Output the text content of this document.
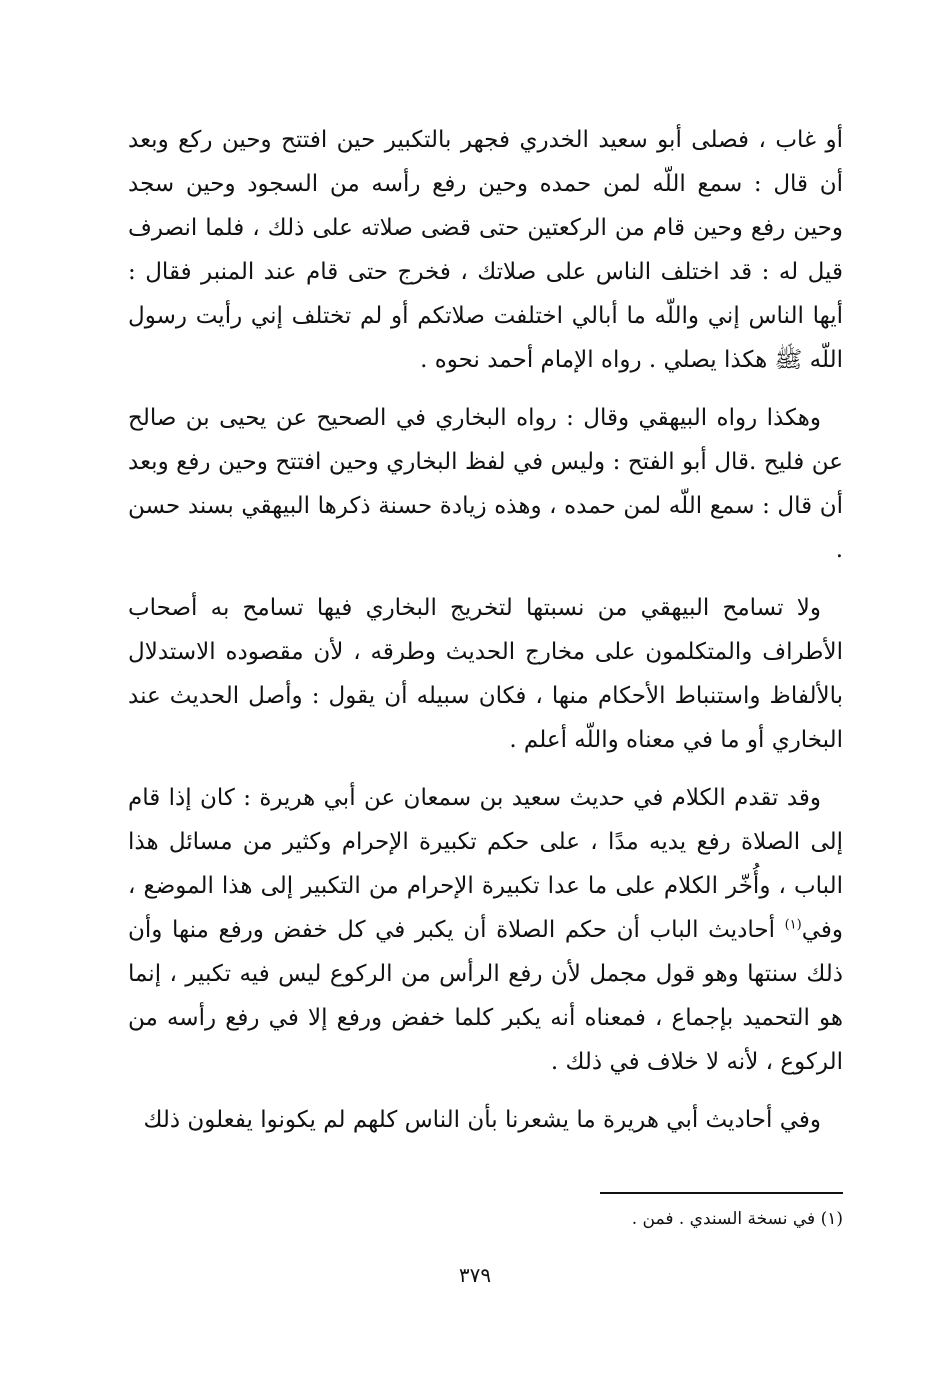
أو غاب ، فصلى أبو سعيد الخدري فجهر بالتكبير حين افتتح وحين ركع وبعد أن قال : سمع اللّه لمن حمده وحين رفع رأسه من السجود وحين سجد وحين رفع وحين قام من الركعتين حتى قضى صلاته على ذلك ، فلما انصرف قيل له : قد اختلف الناس على صلاتك ، فخرج حتى قام عند المنبر فقال : أيها الناس إني واللّه ما أبالي اختلفت صلاتكم أو لم تختلف إني رأيت رسول اللّه ﷺ هكذا يصلي . رواه الإمام أحمد نحوه .

وهكذا رواه البيهقي وقال : رواه البخاري في الصحيح عن يحيى بن صالح عن فليح .قال أبو الفتح : وليس في لفظ البخاري وحين افتتح وحين رفع وبعد أن قال : سمع اللّه لمن حمده ، وهذه زيادة حسنة ذكرها البيهقي بسند حسن .

ولا تسامح البيهقي من نسبتها لتخريج البخاري فيها تسامح به أصحاب الأطراف والمتكلمون على مخارج الحديث وطرقه ، لأن مقصوده الاستدلال بالألفاظ واستنباط الأحكام منها ، فكان سبيله أن يقول : وأصل الحديث عند البخاري أو ما في معناه واللّه أعلم .

وقد تقدم الكلام في حديث سعيد بن سمعان عن أبي هريرة : كان إذا قام إلى الصلاة رفع يديه مدًا ، على حكم تكبيرة الإحرام وكثير من مسائل هذا الباب ، وأُخّر الكلام على ما عدا تكبيرة الإحرام من التكبير إلى هذا الموضع ، وفي$^{(١)}$ أحاديث الباب أن حكم الصلاة أن يكبر في كل خفض ورفع منها وأن ذلك سنتها وهو قول مجمل لأن رفع الرأس من الركوع ليس فيه تكبير ، إنما هو التحميد بإجماع ، فمعناه أنه يكبر كلما خفض ورفع إلا في رفع رأسه من الركوع ، لأنه لا خلاف في ذلك .

وفي أحاديث أبي هريرة ما يشعرنا بأن الناس كلهم لم يكونوا يفعلون ذلك

(١) في نسخة السندي . فمن .
٣٧٩
